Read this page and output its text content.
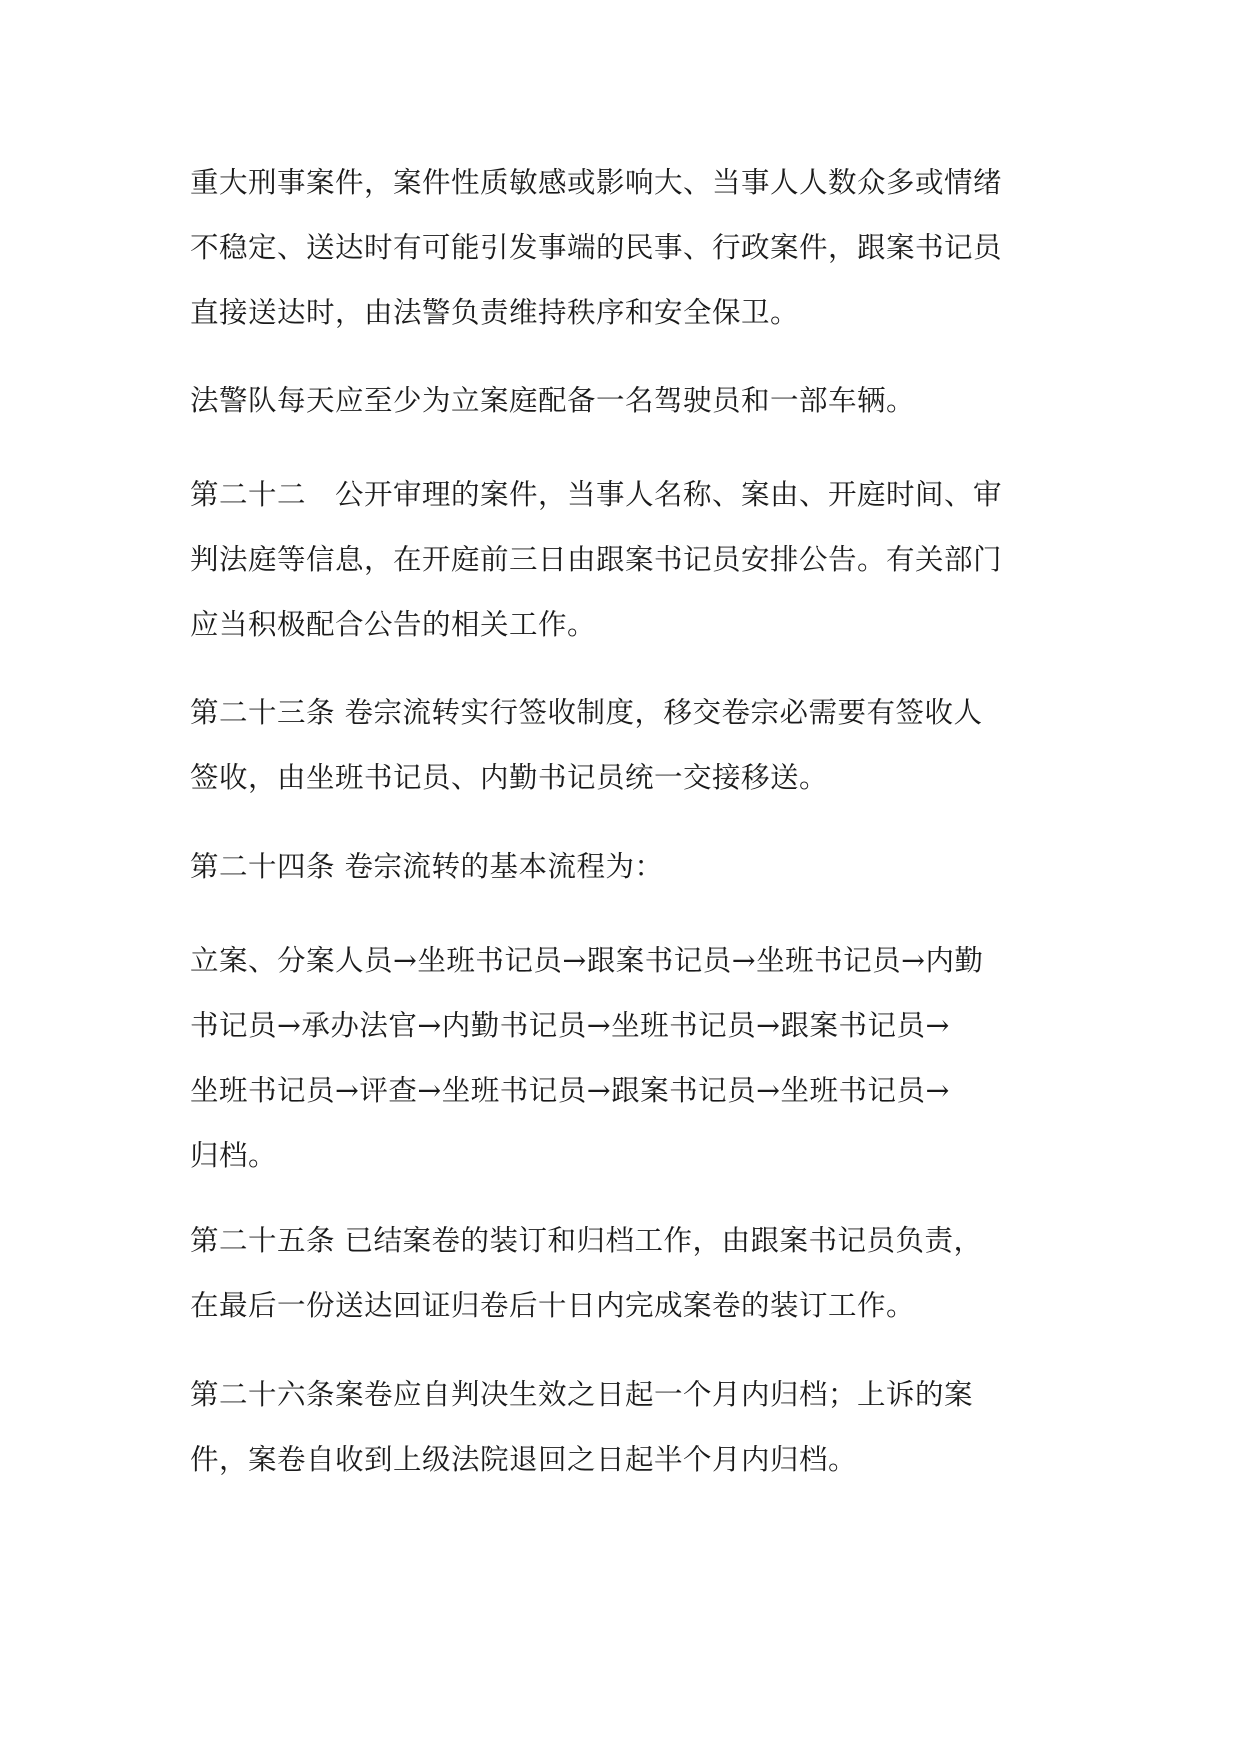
重大刑事案件，案件性质敏感或影响大、当事人人数众多或情绪
不稳定、送达时有可能引发事端的民事、行政案件，跟案书记员
直接送达时，由法警负责维持秩序和安全保卫。
法警队每天应至少为立案庭配备一名驾驶员和一部车辆。
第二十二　公开审理的案件，当事人名称、案由、开庭时间、审
判法庭等信息，在开庭前三日由跟案书记员安排公告。有关部门
应当积极配合公告的相关工作。
第二十三条 卷宗流转实行签收制度，移交卷宗必需要有签收人
签收，由坐班书记员、内勤书记员统一交接移送。
第二十四条 卷宗流转的基本流程为：
立案、分案人员→坐班书记员→跟案书记员→坐班书记员→内勤
书记员→承办法官→内勤书记员→坐班书记员→跟案书记员→
坐班书记员→评查→坐班书记员→跟案书记员→坐班书记员→
归档。
第二十五条 已结案卷的装订和归档工作，由跟案书记员负责，
在最后一份送达回证归卷后十日内完成案卷的装订工作。
第二十六条案卷应自判决生效之日起一个月内归档；上诉的案
件，案卷自收到上级法院退回之日起半个月内归档。
